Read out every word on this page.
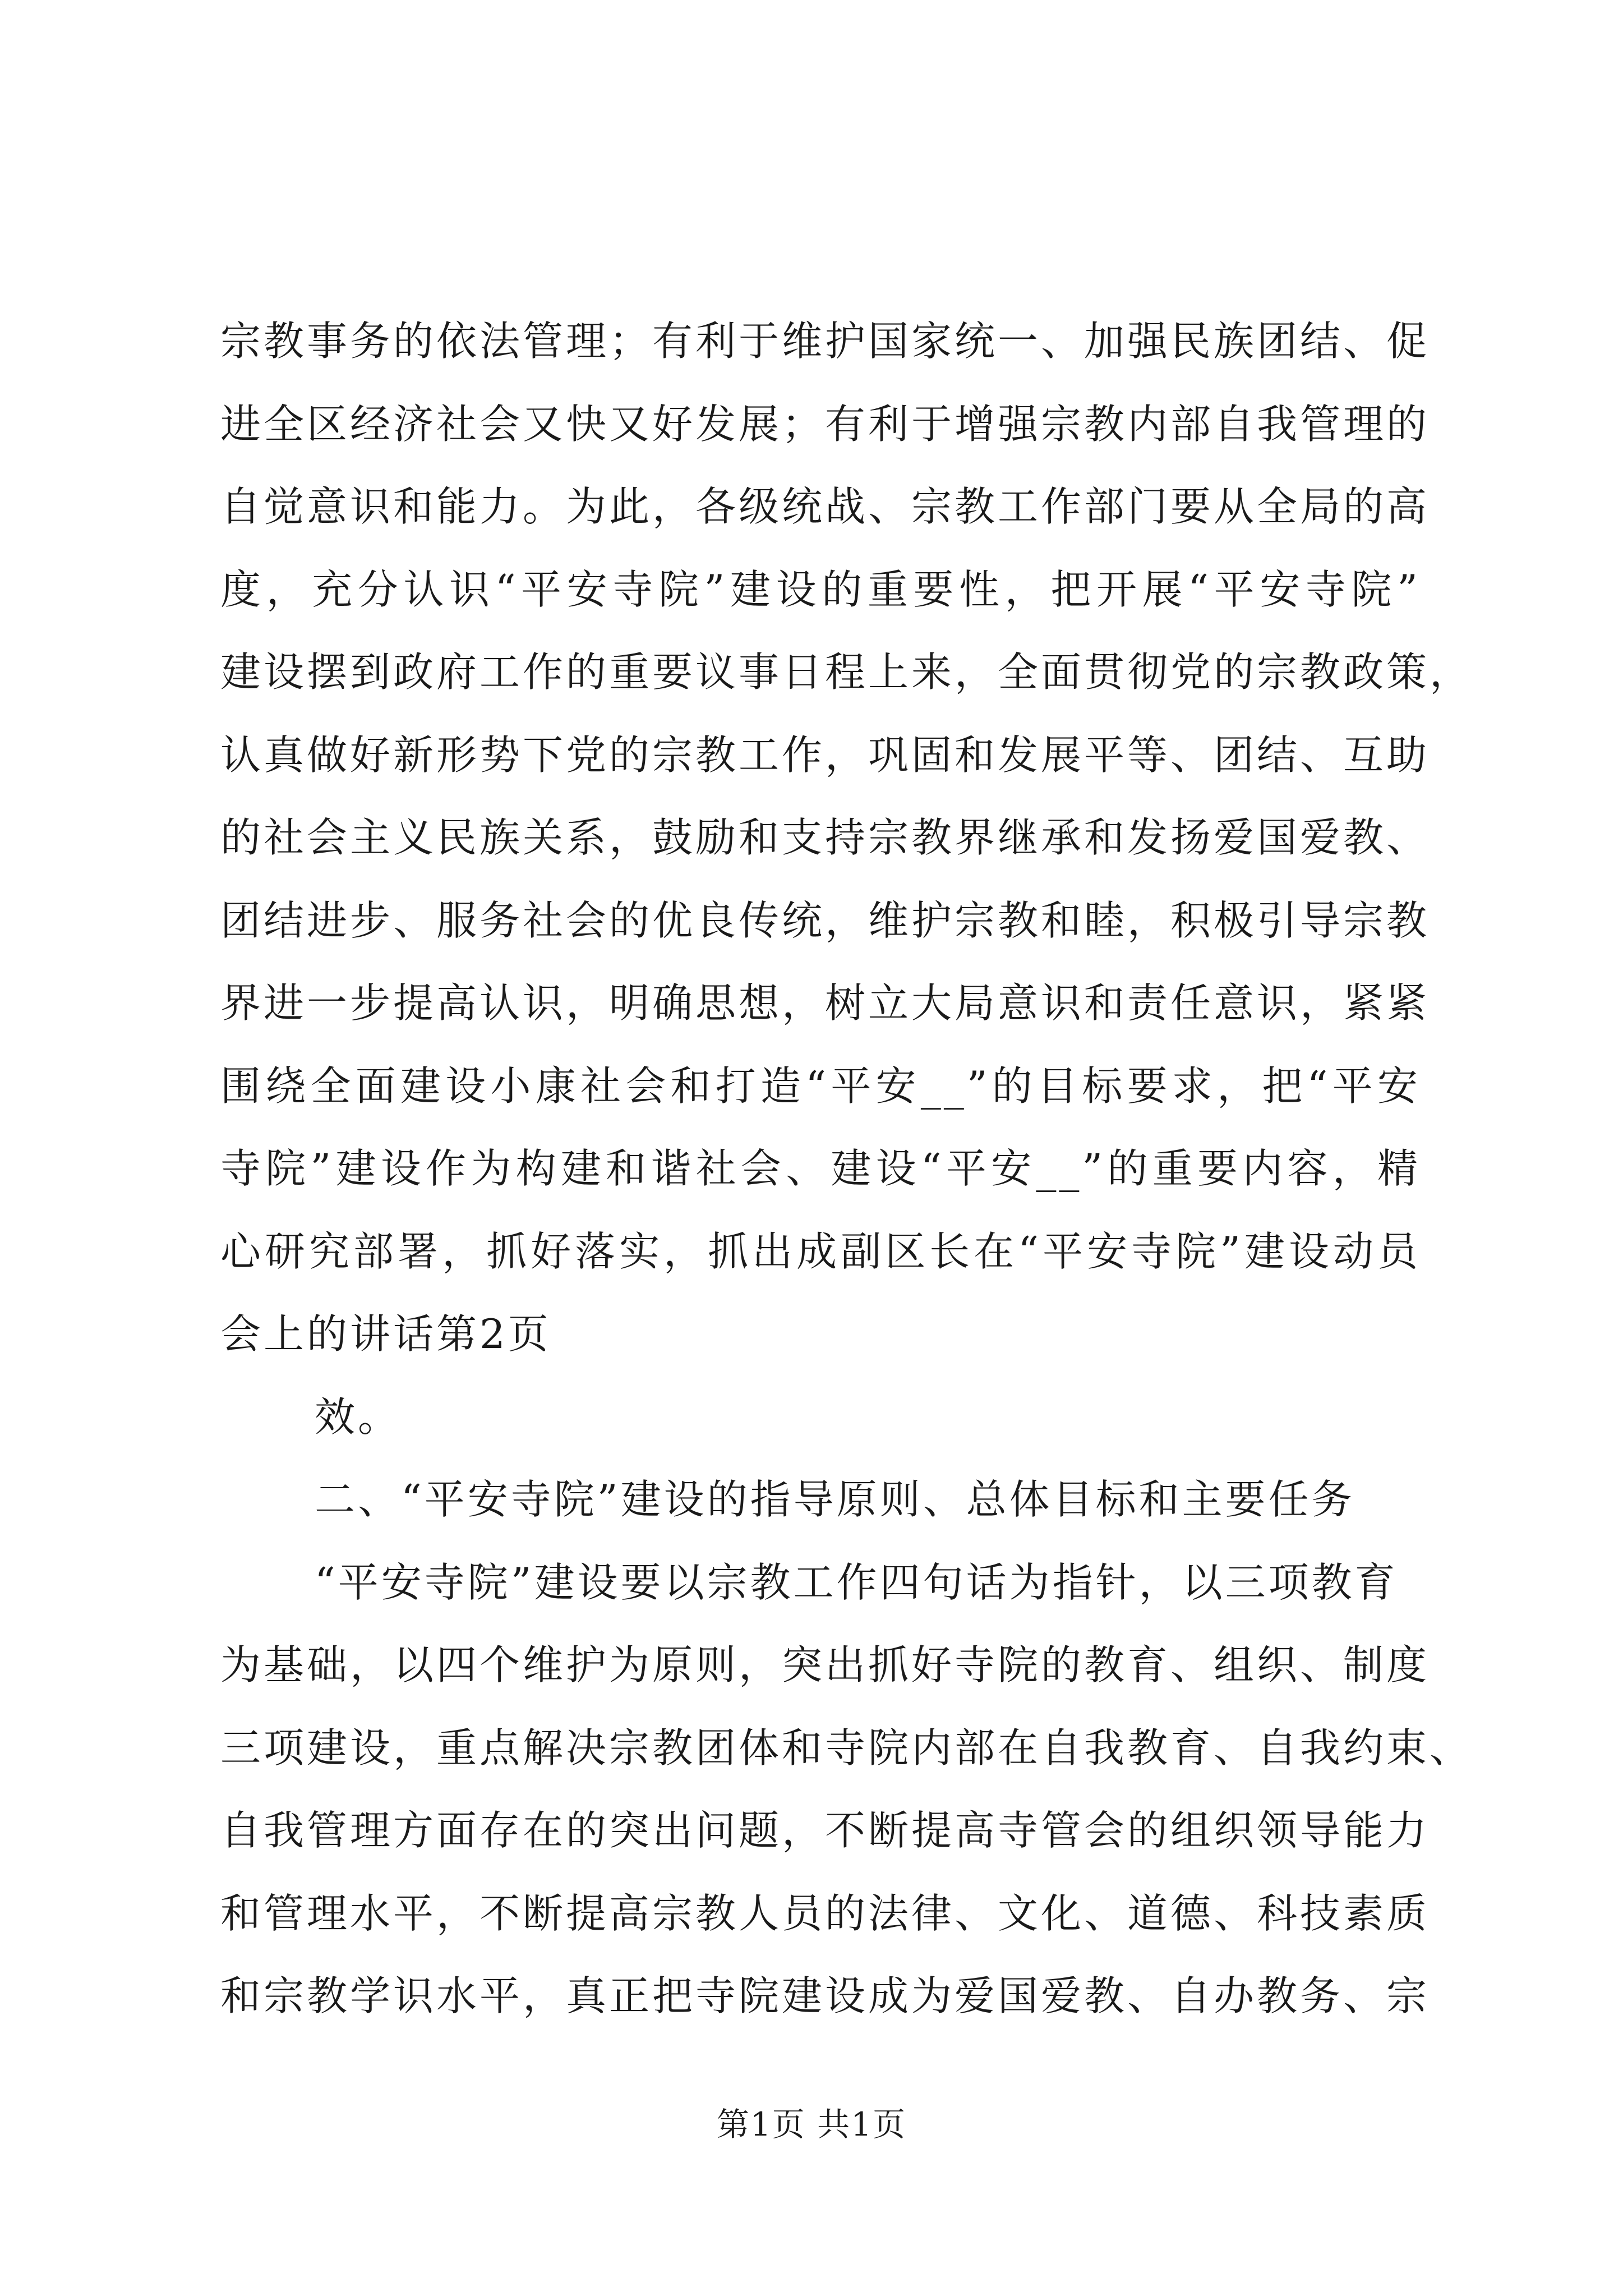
宗教事务的依法管理；有利于维护国家统一、加强民族团结、促
进全区经济社会又快又好发展；有利于增强宗教内部自我管理的
自觉意识和能力。为此，各级统战、宗教工作部门要从全局的高
度，充分认识“平安寺院”建设的重要性，把开展“平安寺院”
建设摆到政府工作的重要议事日程上来，全面贯彻党的宗教政策，
认真做好新形势下党的宗教工作，巩固和发展平等、团结、互助
的社会主义民族关系，鼓励和支持宗教界继承和发扬爱国爱教、
团结进步、服务社会的优良传统，维护宗教和睦，积极引导宗教
界进一步提高认识，明确思想，树立大局意识和责任意识，紧紧
围绕全面建设小康社会和打造“平安__”的目标要求，把“平安
寺院”建设作为构建和谐社会、建设“平安__”的重要内容，精
心研究部署，抓好落实，抓出成副区长在“平安寺院”建设动员
会上的讲话第2页
效。
二、“平安寺院”建设的指导原则、总体目标和主要任务
“平安寺院”建设要以宗教工作四句话为指针，以三项教育
为基础，以四个维护为原则，突出抓好寺院的教育、组织、制度
三项建设，重点解决宗教团体和寺院内部在自我教育、自我约束、
自我管理方面存在的突出问题，不断提高寺管会的组织领导能力
和管理水平，不断提高宗教人员的法律、文化、道德、科技素质
和宗教学识水平，真正把寺院建设成为爱国爱教、自办教务、宗
第1页 共1页
